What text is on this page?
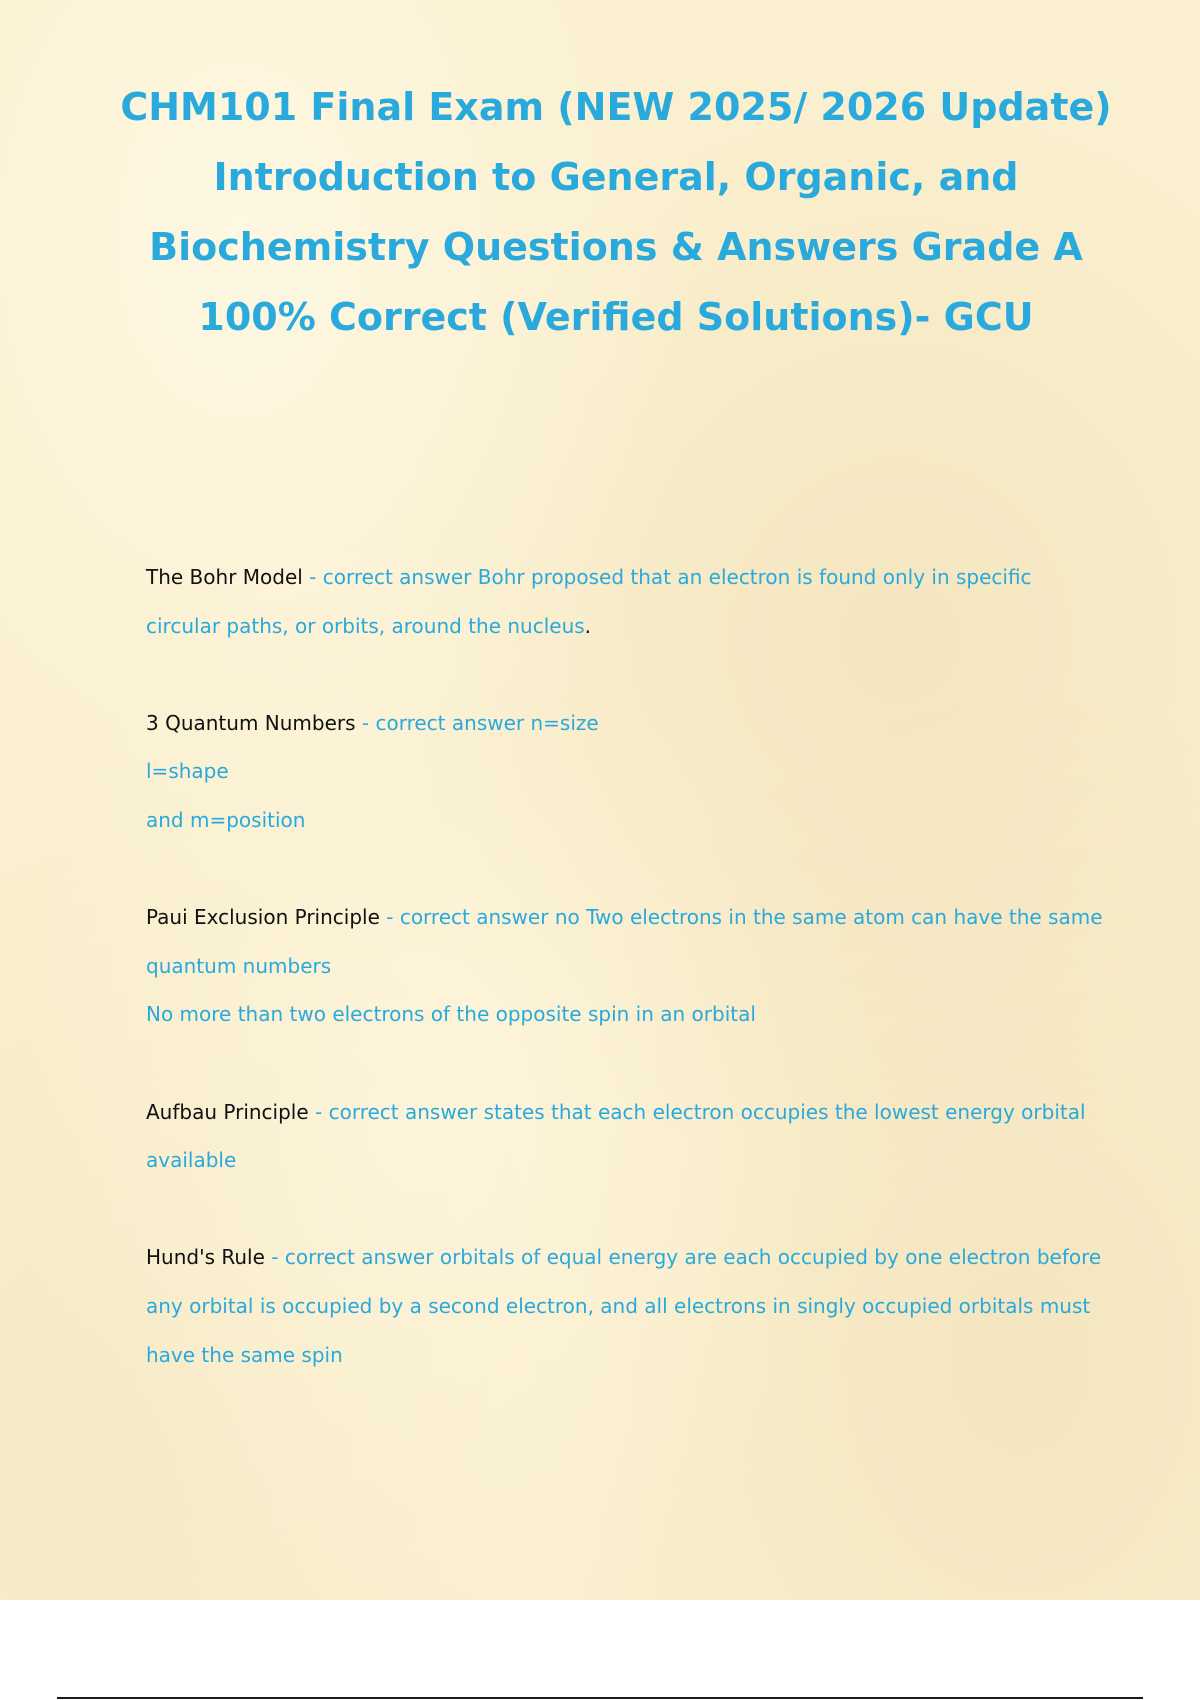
CHM101 Final Exam (NEW 2025/ 2026 Update) Introduction to General, Organic, and Biochemistry Questions & Answers Grade A 100% Correct (Verified Solutions)- GCU

The Bohr Model - correct answer Bohr proposed that an electron is found only in specific circular paths, or orbits, around the nucleus.

3 Quantum Numbers - correct answer n=size
l=shape
and m=position

Paui Exclusion Principle - correct answer no Two electrons in the same atom can have the same quantum numbers
No more than two electrons of the opposite spin in an orbital

Aufbau Principle - correct answer states that each electron occupies the lowest energy orbital available

Hund's Rule - correct answer orbitals of equal energy are each occupied by one electron before any orbital is occupied by a second electron, and all electrons in singly occupied orbitals must have the same spin
